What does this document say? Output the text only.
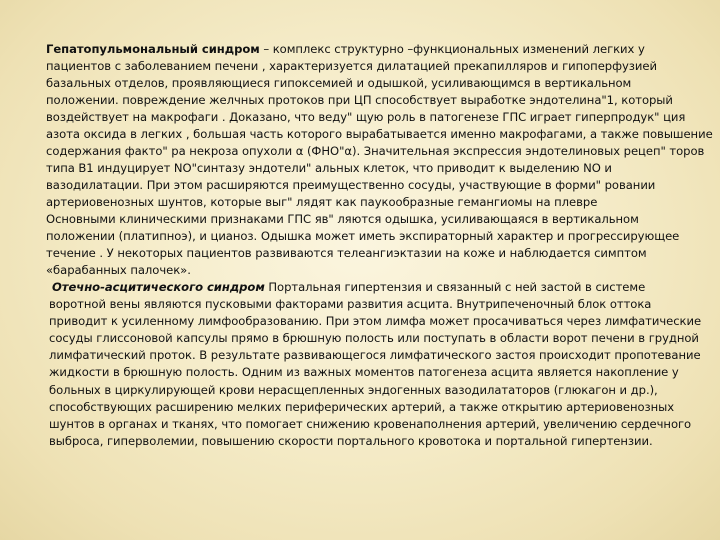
Гепатопульмональный синдром – комплекс структурно –функциональных изменений легких у
пациентов с заболеванием печени , характеризуется дилатацией прекапилляров и гипоперфузией
базальных отделов, проявляющиеся гипоксемией и одышкой, усиливающимся в вертикальном
положении. повреждение желчных протоков при ЦП способствует выработке эндотелина"1, который
воздействует на макрофаги . Доказано, что веду" щую роль в патогенезе ГПС играет гиперпродук" ция
азота оксида в легких , большая часть которого вырабатывается именно макрофагами, а также повышение
содержания факто" ра некроза опухоли α (ФНО"α). Значительная экспрессия эндотелиновых рецеп" торов
типа В1 индуцирует NO"синтазу эндотели" альных клеток, что приводит к выделению NO и
вазодилатации. При этом расширяются преимущественно сосуды, участвующие в форми" ровании
артериовенозных шунтов, которые выг" лядят как паукообразные гемангиомы на плевре
Основными клиническими признаками ГПС яв" ляются одышка, усиливающаяся в вертикальном
положении (платипноэ), и цианоз. Одышка может иметь экспираторный характер и прогрессирующее
течение . У некоторых пациентов развиваются телеангиэктазии на коже и наблюдается симптом
«барабанных палочек».
Отечно-асцитического синдром Портальная гипертензия и связанный с ней застой в системе
воротной вены являются пусковыми факторами развития асцита. Внутрипеченочный блок оттока
приводит к усиленному лимфообразованию. При этом лимфа может просачиваться через лимфатические
сосуды глиссоновой капсулы прямо в брюшную полость или поступать в области ворот печени в грудной
лимфатический проток. В результате развивающегося лимфатического застоя происходит пропотевание
жидкости в брюшную полость. Одним из важных моментов патогенеза асцита является накопление у
больных в циркулирующей крови нерасщепленных эндогенных вазодилататоров (глюкагон и др.),
способствующих расширению мелких периферических артерий, а также открытию артериовенозных
шунтов в органах и тканях, что помогает снижению кровенаполнения артерий, увеличению сердечного
выброса, гиперволемии, повышению скорости портального кровотока и портальной гипертензии.
